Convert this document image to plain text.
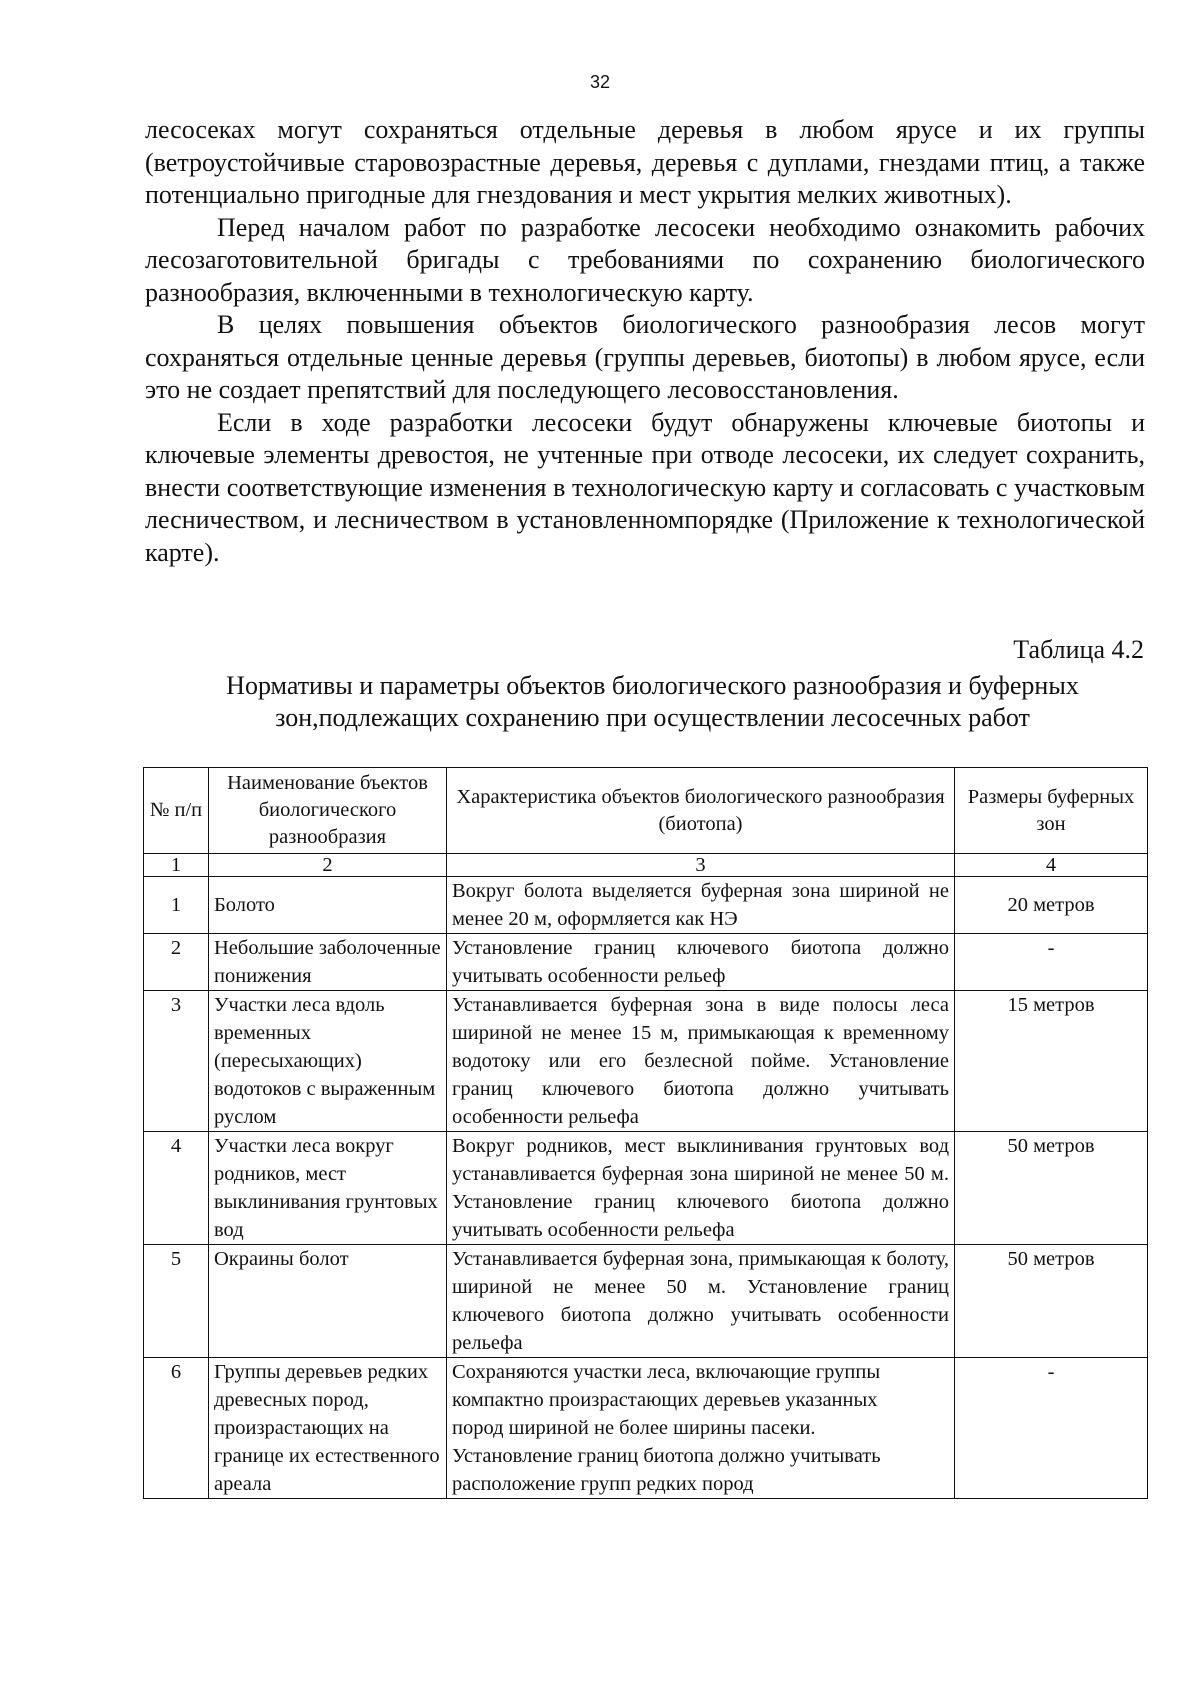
32

лесосеках могут сохраняться отдельные деревья в любом ярусе и их группы (ветроустойчивые старовозрастные деревья, деревья с дуплами, гнездами птиц, а также потенциально пригодные для гнездования и мест укрытия мелких животных).

Перед началом работ по разработке лесосеки необходимо ознакомить рабочих лесозаготовительной бригады с требованиями по сохранению биологического разнообразия, включенными в технологическую карту.

В целях повышения объектов биологического разнообразия лесов могут сохраняться отдельные ценные деревья (группы деревьев, биотопы) в любом ярусе, если это не создает препятствий для последующего лесовосстановления.

Если в ходе разработки лесосеки будут обнаружены ключевые биотопы и ключевые элементы древостоя, не учтенные при отводе лесосеки, их следует сохранить, внести соответствующие изменения в технологическую карту и согласовать с участковым лесничеством, и лесничеством в установленномпорядке (Приложение к технологической карте).

Таблица 4.2
Нормативы и параметры объектов биологического разнообразия и буферных зон,подлежащих сохранению при осуществлении лесосечных работ
№ п/п	Наименование бъектов биологического разнообразия	Характеристика объектов биологического разнообразия (биотопа)	Размеры буферных зон
1	2	3	4
1	Болото	Вокруг болота выделяется буферная зона шириной не менее 20 м, оформляется как НЭ	20 метров
2	Небольшие заболоченные понижения	Установление границ ключевого биотопа должно учитывать особенности рельеф	-
3	Участки леса вдоль временных (пересыхающих) водотоков с выраженным руслом	Устанавливается буферная зона в виде полосы леса шириной не менее 15 м, примыкающая к временному водотоку или его безлесной пойме. Установление границ ключевого биотопа должно учитывать особенности рельефа	15 метров
4	Участки леса вокруг родников, мест выклинивания грунтовых вод	Вокруг родников, мест выклинивания грунтовых вод устанавливается буферная зона шириной не менее 50 м. Установление границ ключевого биотопа должно учитывать особенности рельефа	50 метров
5	Окраины болот	Устанавливается буферная зона, примыкающая к болоту, шириной не менее 50 м. Установление границ ключевого биотопа должно учитывать особенности рельефа	50 метров
6	Группы деревьев редких древесных пород, произрастающих на границе их естественного ареала	Сохраняются участки леса, включающие группы компактно произрастающих деревьев указанных пород шириной не более ширины пасеки. Установление границ биотопа должно учитывать расположение групп редких пород	-
